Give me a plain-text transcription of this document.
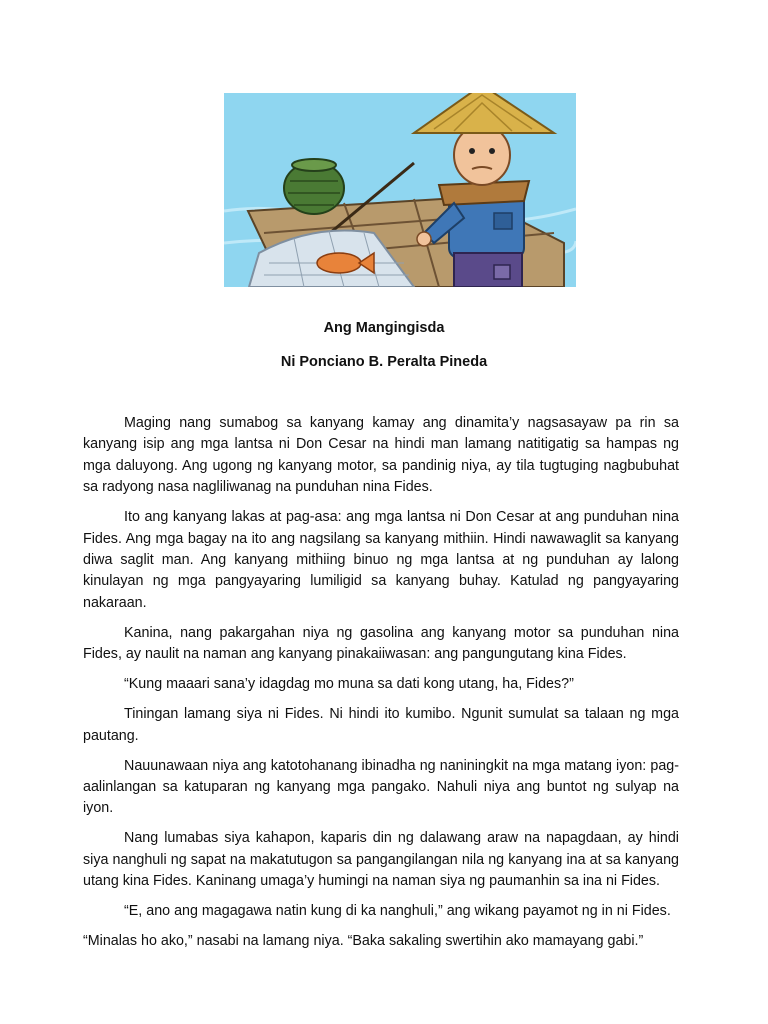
Ang Mangingisda
Ni Ponciano B. Peralta Pineda

Maging nang sumabog sa kanyang kamay ang dinamita’y nagsasayaw pa rin sa kanyang isip ang mga lantsa ni Don Cesar na hindi man lamang natitigatig sa hampas ng mga daluyong. Ang ugong ng kanyang motor, sa pandinig niya, ay tila tugtuging nagbubuhat sa radyong nasa nagliliwanag na punduhan nina Fides.

Ito ang kanyang lakas at pag-asa: ang mga lantsa ni Don Cesar at ang punduhan nina Fides. Ang mga bagay na ito ang nagsilang sa kanyang mithiin. Hindi nawawaglit sa kanyang diwa saglit man. Ang kanyang mithiing binuo ng mga lantsa at ng punduhan ay lalong kinulayan ng mga pangyayaring lumiligid sa kanyang buhay. Katulad ng pangyayaring nakaraan.

Kanina, nang pakargahan niya ng gasolina ang kanyang motor sa punduhan nina Fides, ay naulit na naman ang kanyang pinakaiiwasan: ang pangungutang kina Fides.

“Kung maaari sana’y idagdag mo muna sa dati kong utang, ha, Fides?”

Tiningan lamang siya ni Fides. Ni hindi ito kumibo. Ngunit sumulat sa talaan ng mga pautang.

Nauunawaan niya ang katotohanang ibinadha ng naniningkit na mga matang iyon: pag-aalinlangan sa katuparan ng kanyang mga pangako. Nahuli niya ang buntot ng sulyap na iyon.

Nang lumabas siya kahapon, kaparis din ng dalawang araw na napagdaan, ay hindi siya nanghuli ng sapat na makatutugon sa pangangilangan nila ng kanyang ina at sa kanyang utang kina Fides. Kaninang umaga’y humingi na naman siya ng paumanhin sa ina ni Fides.

“E, ano ang magagawa natin kung di ka nanghuli,” ang wikang payamot ng in ni Fides.

“Minalas ho ako,” nasabi na lamang niya. “Baka sakaling swertihin ako mamayang gabi.”
